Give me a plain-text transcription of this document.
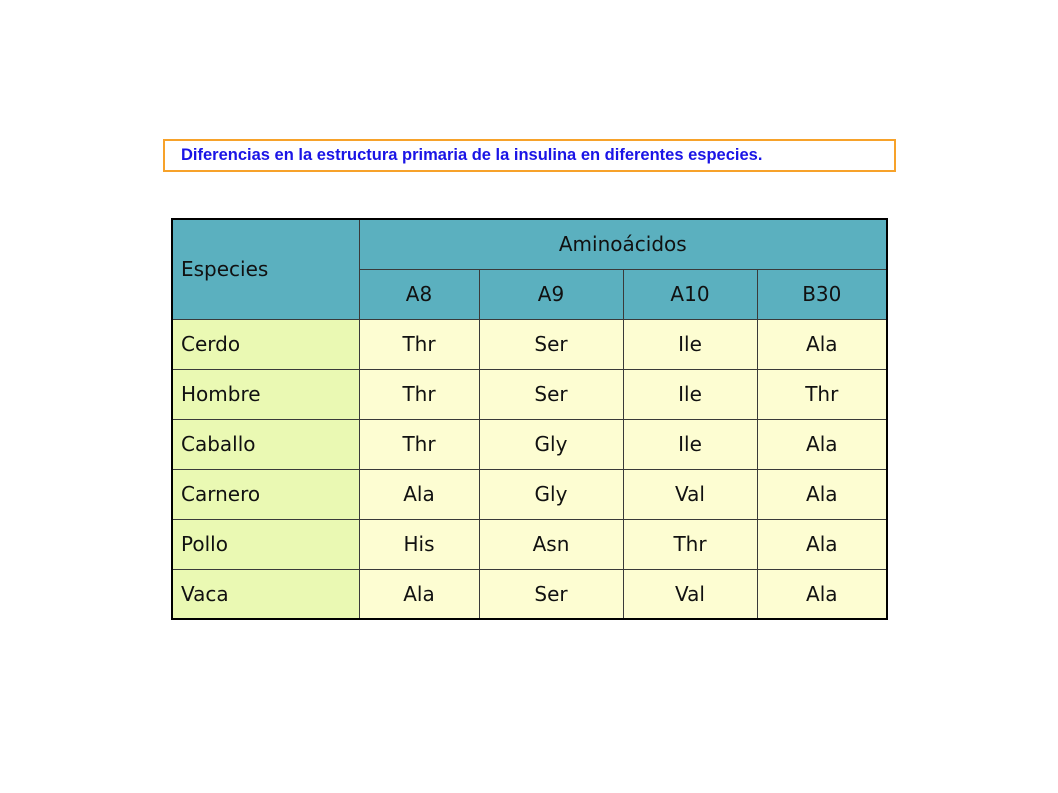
Diferencias en la estructura primaria de la insulina en diferentes especies.
Especies	Aminoácidos			
	A8	A9	A10	B30
Cerdo	Thr	Ser	Ile	Ala
Hombre	Thr	Ser	Ile	Thr
Caballo	Thr	Gly	Ile	Ala
Carnero	Ala	Gly	Val	Ala
Pollo	His	Asn	Thr	Ala
Vaca	Ala	Ser	Val	Ala
